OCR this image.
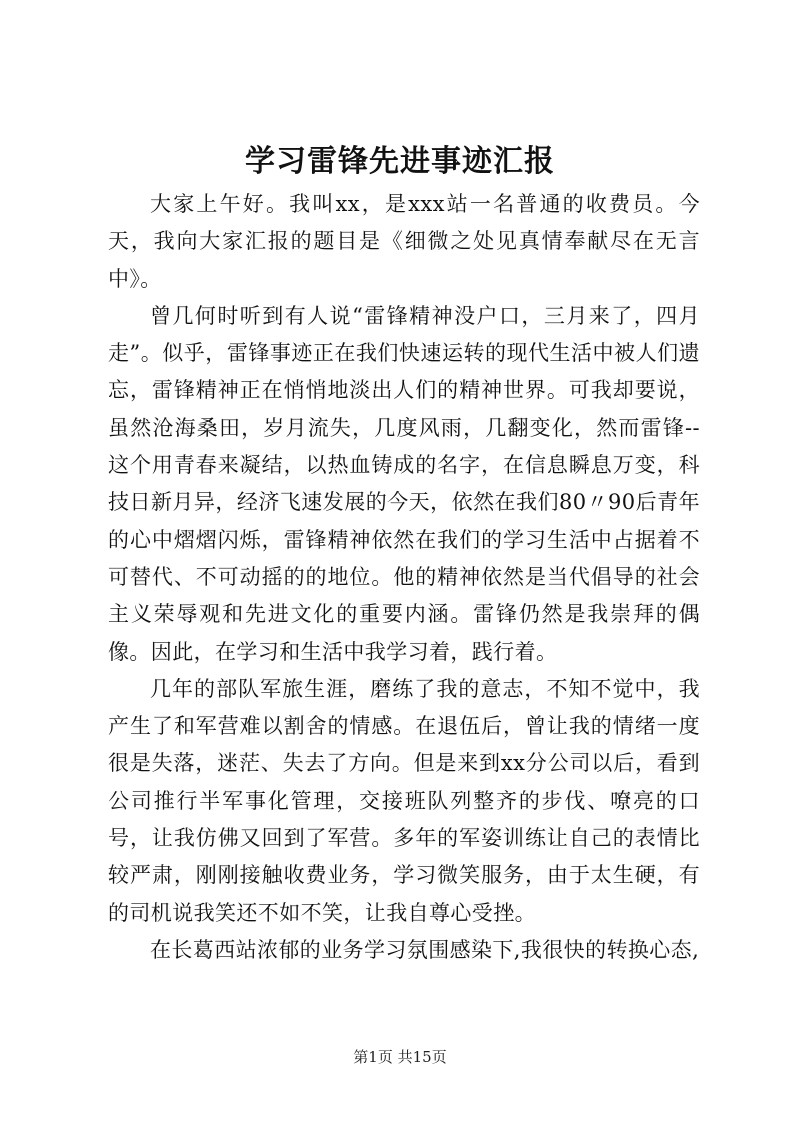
学习雷锋先进事迹汇报

大家上午好。我叫xx，是xxx站一名普通的收费员。今天，我向大家汇报的题目是《细微之处见真情奉献尽在无言中》。

曾几何时听到有人说“雷锋精神没户口，三月来了，四月走”。似乎，雷锋事迹正在我们快速运转的现代生活中被人们遗忘，雷锋精神正在悄悄地淡出人们的精神世界。可我却要说，虽然沧海桑田，岁月流失，几度风雨，几翻变化，然而雷锋--这个用青春来凝结，以热血铸成的名字，在信息瞬息万变，科技日新月异，经济飞速发展的今天，依然在我们80〃90后青年的心中熠熠闪烁，雷锋精神依然在我们的学习生活中占据着不可替代、不可动摇的的地位。他的精神依然是当代倡导的社会主义荣辱观和先进文化的重要内涵。雷锋仍然是我崇拜的偶像。因此，在学习和生活中我学习着，践行着。

几年的部队军旅生涯，磨练了我的意志，不知不觉中，我产生了和军营难以割舍的情感。在退伍后，曾让我的情绪一度很是失落，迷茫、失去了方向。但是来到xx分公司以后，看到公司推行半军事化管理，交接班队列整齐的步伐、嘹亮的口号，让我仿佛又回到了军营。多年的军姿训练让自己的表情比较严肃，刚刚接触收费业务，学习微笑服务，由于太生硬，有的司机说我笑还不如不笑，让我自尊心受挫。

在长葛西站浓郁的业务学习氛围感染下,我很快的转换心态,

第1页 共15页
